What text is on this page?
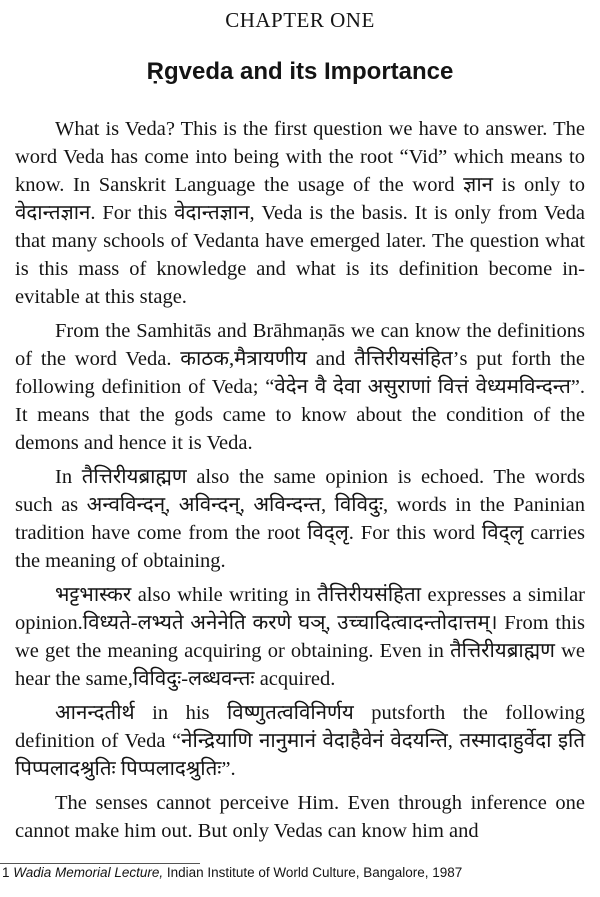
CHAPTER ONE
Ṛgveda and its Importance

What is Veda? This is the first question we have to answer. The word Veda has come into being with the root “Vid” which means to know. In Sanskrit Language the usage of the word ज्ञान is only to वेदान्तज्ञान. For this वेदान्तज्ञान, Veda is the basis. It is only from Veda that many schools of Vedanta have emerged later. The question what is this mass of knowledge and what is its definition become in-evitable at this stage.

From the Samhitās and Brāhmaṇās we can know the definitions of the word Veda. काठक,मैत्रायणीय and तैत्तिरीयसंहित’s put forth the following definition of Veda; “वेदेन वै देवा असुराणां वित्तं वेध्यमविन्दन्त”. It means that the gods came to know about the condition of the demons and hence it is Veda.

In तैत्तिरीयब्राह्मण also the same opinion is echoed. The words such as अन्वविन्दन्, अविन्दन्, अविन्दन्त, विविदुः, words in the Paninian tradition have come from the root विद्लृ. For this word विद्लृ carries the meaning of obtaining.

भट्टभास्कर also while writing in तैत्तिरीयसंहिता expresses a similar opinion.विध्यते-लभ्यते अनेनेति करणे घञ्, उच्चादित्वादन्तोदात्तम्। From this we get the meaning acquiring or obtaining. Even in तैत्तिरीयब्राह्मण we hear the same,विविदुः-लब्धवन्तः acquired.

आनन्दतीर्थ in his विष्णुतत्वविनिर्णय putsforth the following definition of Veda “नेन्द्रियाणि नानुमानं वेदाहैवेनं वेदयन्ति, तस्मादाहुर्वेदा इति पिप्पलादश्रुतिः पिप्पलादश्रुतिः”.

The senses cannot perceive Him. Even through inference one cannot make him out. But only Vedas can know him and

1 Wadia Memorial Lecture, Indian Institute of World Culture, Bangalore, 1987
